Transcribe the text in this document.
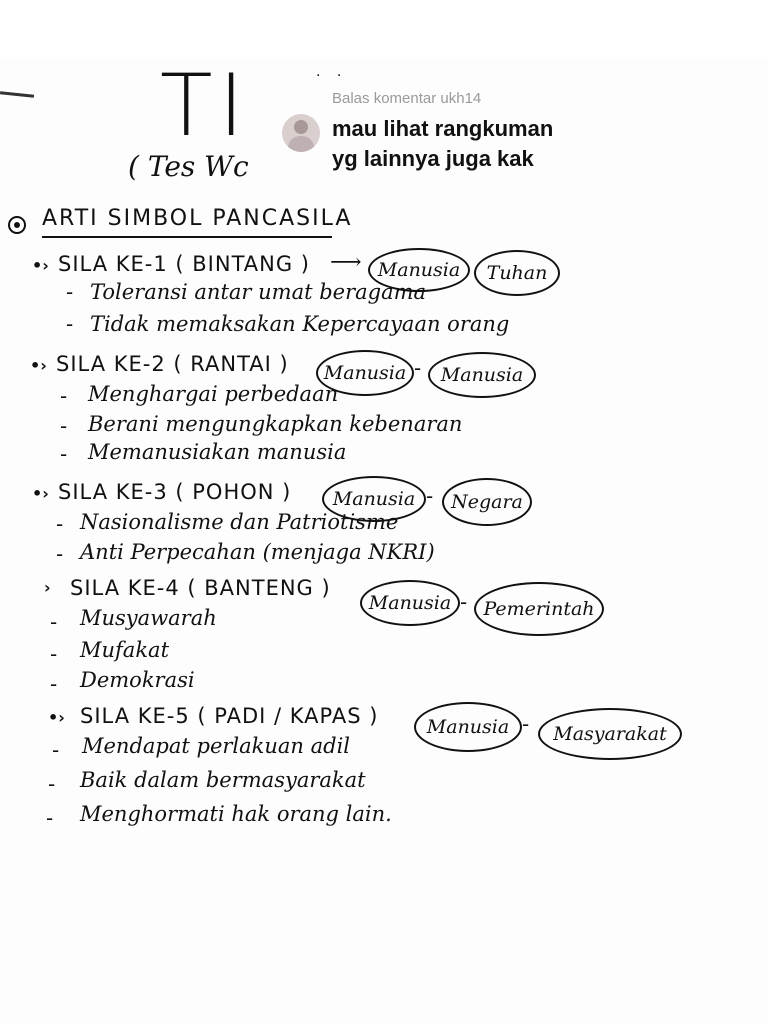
. .
TI
( Tes Wc
Balas komentar ukh14
mau lihat rangkuman
yg lainnya juga kak
ARTI SIMBOL PANCASILA
•› SILA KE-1 ( BINTANG ) ⟶ Manusia	Tuhan
- Toleransi antar umat beragama
- Tidak memaksakan Kepercayaan orang
•› SILA KE-2 ( RANTAI )	Manusia -	Manusia
- Menghargai perbedaan
- Berani mengungkapkan kebenaran
- Memanusiakan manusia
•› SILA KE-3 ( POHON )	Manusia - Negara
- Nasionalisme dan Patriotisme
- Anti Perpecahan (menjaga NKRI)
› SILA KE-4 ( BANTENG )
Manusia - Pemerintah
- Musyawarah
- Mufakat
- Demokrasi
•› SILA KE-5 ( PADI / KAPAS )	Manusia -	Masyarakat
- Mendapat perlakuan adil
- Baik dalam bermasyarakat
- Menghormati hak orang lain.
